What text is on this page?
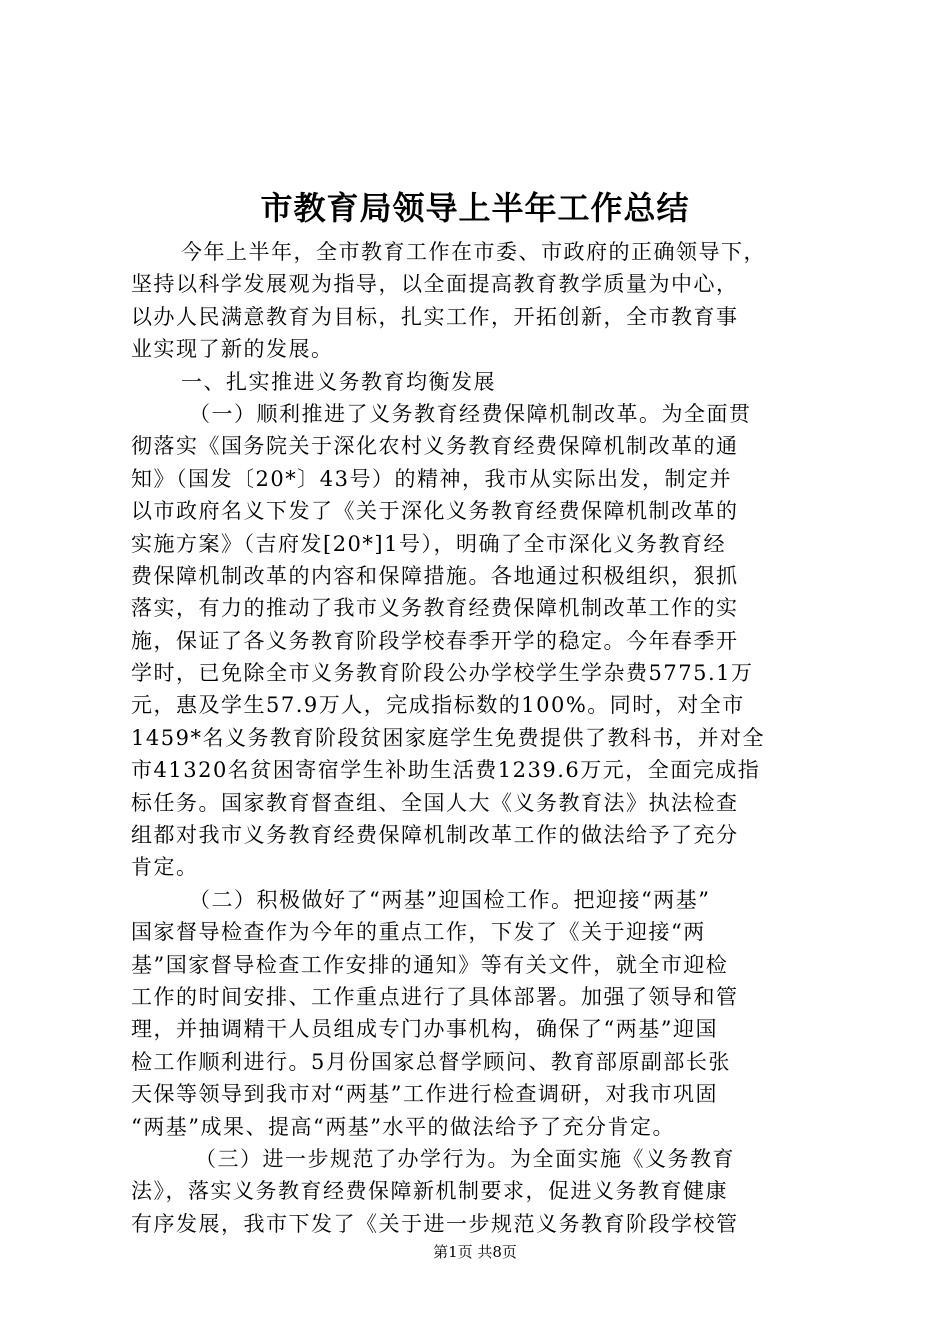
市教育局领导上半年工作总结
今年上半年，全市教育工作在市委、市政府的正确领导下，
坚持以科学发展观为指导，以全面提高教育教学质量为中心，
以办人民满意教育为目标，扎实工作，开拓创新，全市教育事
业实现了新的发展。
一、扎实推进义务教育均衡发展
（一）顺利推进了义务教育经费保障机制改革。为全面贯
彻落实《国务院关于深化农村义务教育经费保障机制改革的通
知》（国发〔20*〕43号）的精神，我市从实际出发，制定并
以市政府名义下发了《关于深化义务教育经费保障机制改革的
实施方案》（吉府发[20*]1号），明确了全市深化义务教育经
费保障机制改革的内容和保障措施。各地通过积极组织，狠抓
落实，有力的推动了我市义务教育经费保障机制改革工作的实
施，保证了各义务教育阶段学校春季开学的稳定。今年春季开
学时，已免除全市义务教育阶段公办学校学生学杂费5775.1万
元，惠及学生57.9万人，完成指标数的100%。同时，对全市
1459*名义务教育阶段贫困家庭学生免费提供了教科书，并对全
市41320名贫困寄宿学生补助生活费1239.6万元，全面完成指
标任务。国家教育督查组、全国人大《义务教育法》执法检查
组都对我市义务教育经费保障机制改革工作的做法给予了充分
肯定。
（二）积极做好了“两基”迎国检工作。把迎接“两基”
国家督导检查作为今年的重点工作，下发了《关于迎接“两
基”国家督导检查工作安排的通知》等有关文件，就全市迎检
工作的时间安排、工作重点进行了具体部署。加强了领导和管
理，并抽调精干人员组成专门办事机构，确保了“两基”迎国
检工作顺利进行。5月份国家总督学顾问、教育部原副部长张
天保等领导到我市对“两基”工作进行检查调研，对我市巩固
“两基”成果、提高“两基”水平的做法给予了充分肯定。
（三）进一步规范了办学行为。为全面实施《义务教育
法》，落实义务教育经费保障新机制要求，促进义务教育健康
有序发展，我市下发了《关于进一步规范义务教育阶段学校管
第1页 共8页
